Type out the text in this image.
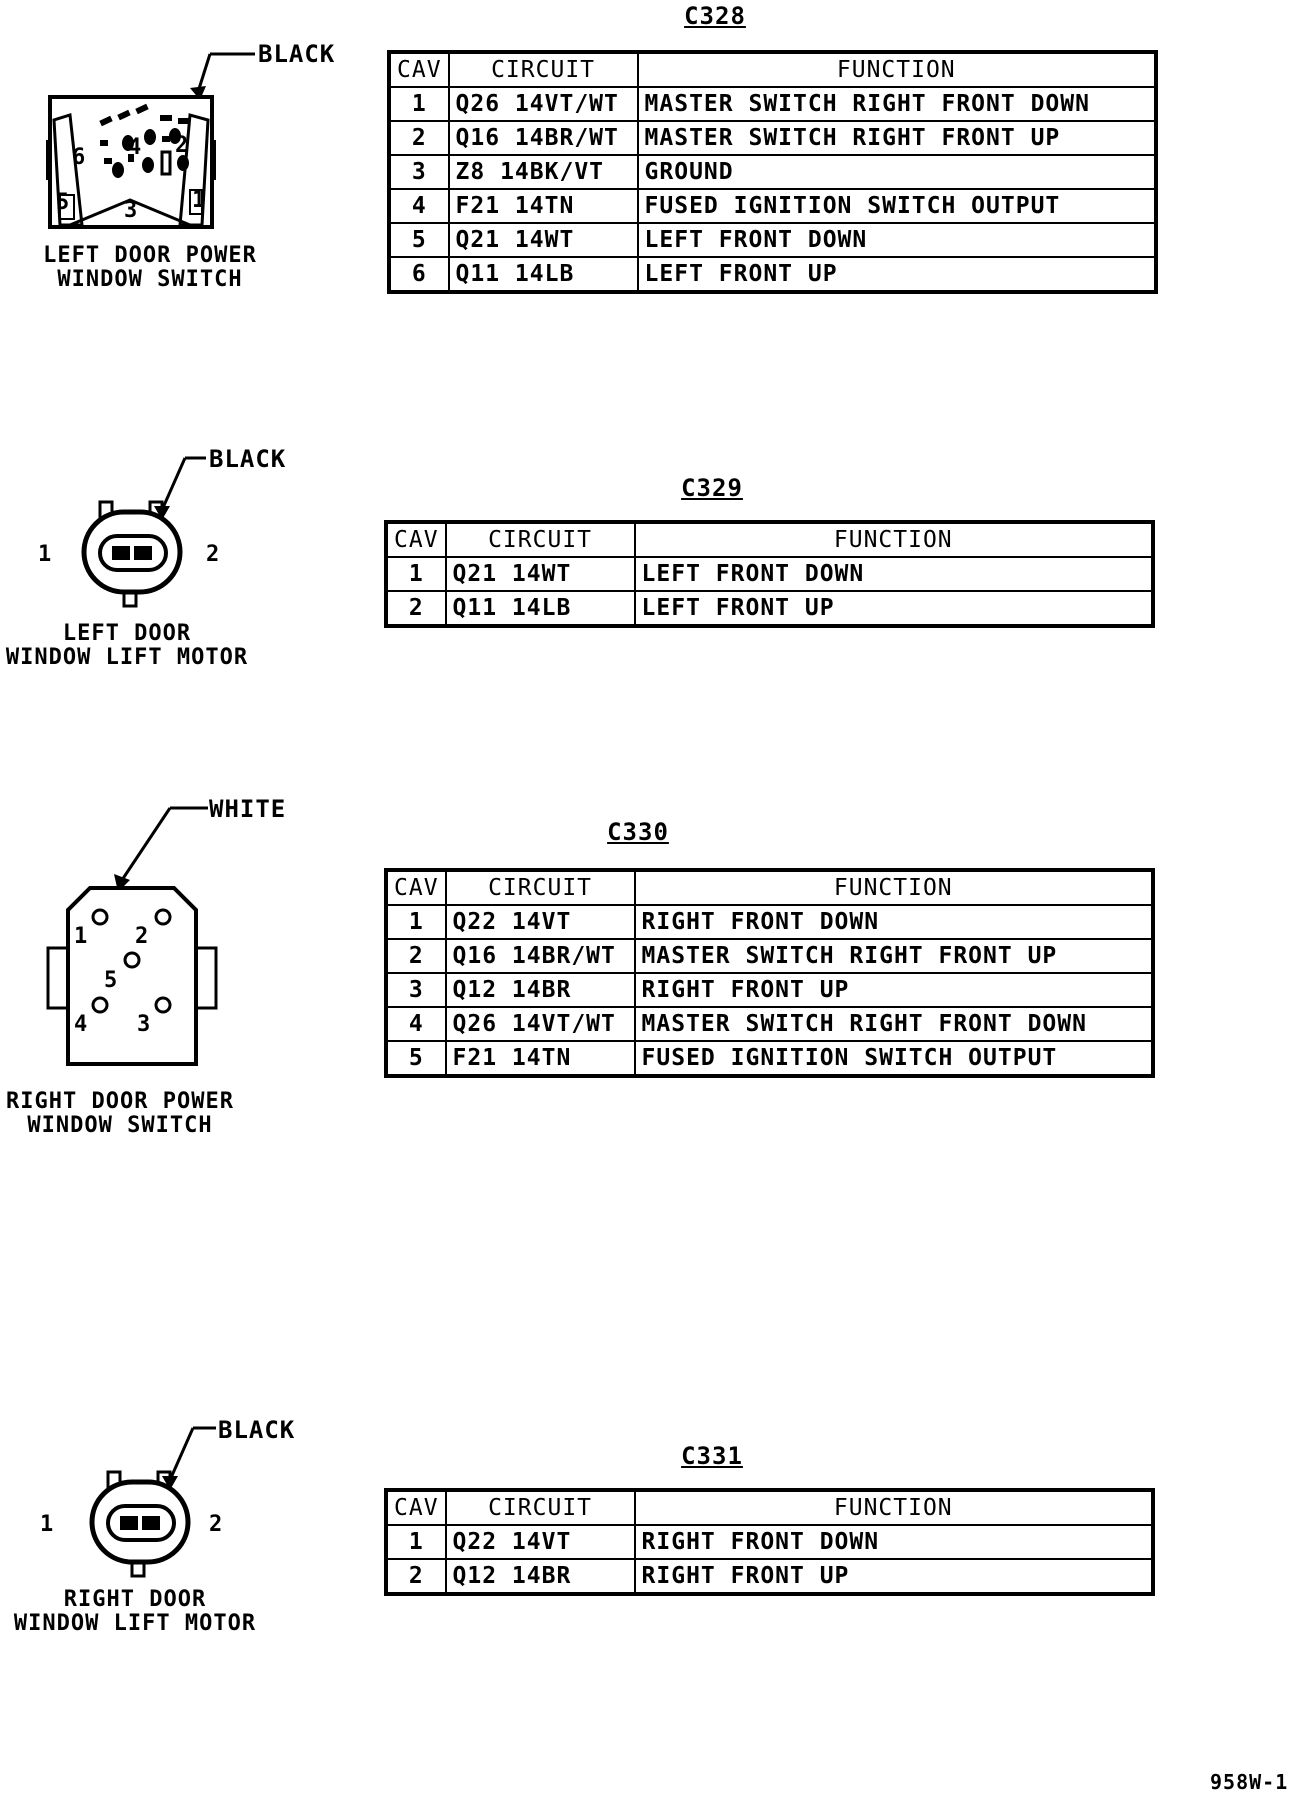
C328
CAV	CIRCUIT	FUNCTION
1	Q26 14VT/WT	MASTER SWITCH RIGHT FRONT DOWN
2	Q16 14BR/WT	MASTER SWITCH RIGHT FRONT UP
3	Z8 14BK/VT	GROUND
4	F21 14TN	FUSED IGNITION SWITCH OUTPUT
5	Q21 14WT	LEFT FRONT DOWN
6	Q11 14LB	LEFT FRONT UP
BLACK
6 4 2
5 3 1
LEFT DOOR POWER
WINDOW SWITCH
C329
CAV	CIRCUIT	FUNCTION
1	Q21 14WT	LEFT FRONT DOWN
2	Q11 14LB	LEFT FRONT UP
BLACK
1	2
LEFT DOOR
WINDOW LIFT MOTOR
C330
CAV	CIRCUIT	FUNCTION
1	Q22 14VT	RIGHT FRONT DOWN
2	Q16 14BR/WT	MASTER SWITCH RIGHT FRONT UP
3	Q12 14BR	RIGHT FRONT UP
4	Q26 14VT/WT	MASTER SWITCH RIGHT FRONT DOWN
5	F21 14TN	FUSED IGNITION SWITCH OUTPUT
WHITE
1 2
5
4 3
RIGHT DOOR POWER
WINDOW SWITCH
C331
CAV	CIRCUIT	FUNCTION
1	Q22 14VT	RIGHT FRONT DOWN
2	Q12 14BR	RIGHT FRONT UP
BLACK
1	2
RIGHT DOOR
WINDOW LIFT MOTOR
958W-1
